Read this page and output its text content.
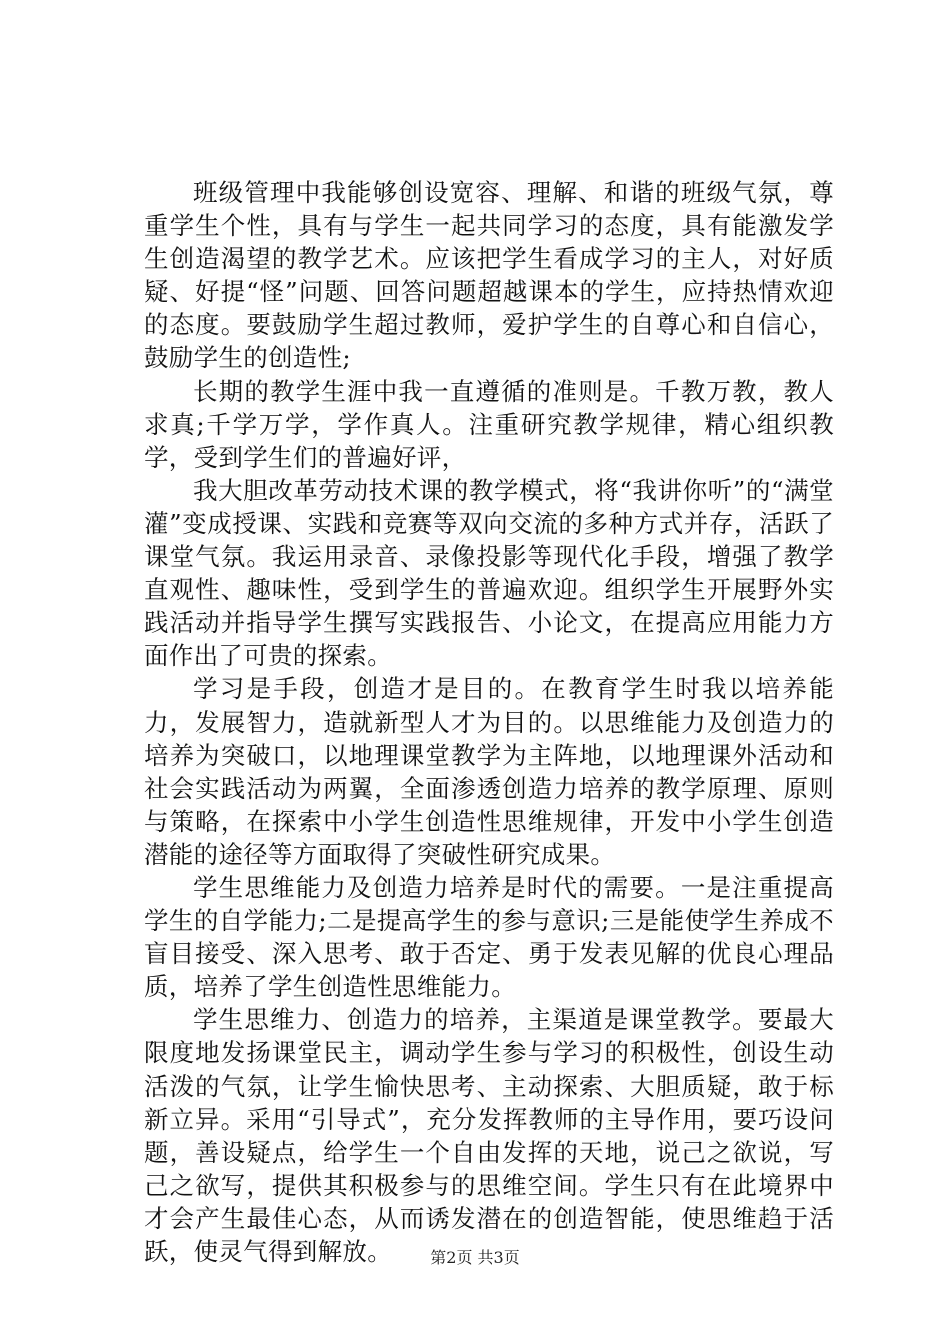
班级管理中我能够创设宽容、理解、和谐的班级气氛，尊重学生个性，具有与学生一起共同学习的态度，具有能激发学生创造渴望的教学艺术。应该把学生看成学习的主人，对好质疑、好提“怪”问题、回答问题超越课本的学生，应持热情欢迎的态度。要鼓励学生超过教师，爱护学生的自尊心和自信心，鼓励学生的创造性;

长期的教学生涯中我一直遵循的准则是。千教万教，教人求真;千学万学，学作真人。注重研究教学规律，精心组织教学，受到学生们的普遍好评，

我大胆改革劳动技术课的教学模式，将“我讲你听”的“满堂灌”变成授课、实践和竞赛等双向交流的多种方式并存，活跃了课堂气氛。我运用录音、录像投影等现代化手段，增强了教学直观性、趣味性，受到学生的普遍欢迎。组织学生开展野外实践活动并指导学生撰写实践报告、小论文，在提高应用能力方面作出了可贵的探索。

学习是手段，创造才是目的。在教育学生时我以培养能力，发展智力，造就新型人才为目的。以思维能力及创造力的培养为突破口，以地理课堂教学为主阵地，以地理课外活动和社会实践活动为两翼，全面渗透创造力培养的教学原理、原则与策略，在探索中小学生创造性思维规律，开发中小学生创造潜能的途径等方面取得了突破性研究成果。

学生思维能力及创造力培养是时代的需要。一是注重提高学生的自学能力;二是提高学生的参与意识;三是能使学生养成不盲目接受、深入思考、敢于否定、勇于发表见解的优良心理品质，培养了学生创造性思维能力。

学生思维力、创造力的培养，主渠道是课堂教学。要最大限度地发扬课堂民主，调动学生参与学习的积极性，创设生动活泼的气氛，让学生愉快思考、主动探索、大胆质疑，敢于标新立异。采用“引导式”，充分发挥教师的主导作用，要巧设问题，善设疑点，给学生一个自由发挥的天地，说己之欲说，写己之欲写，提供其积极参与的思维空间。学生只有在此境界中才会产生最佳心态，从而诱发潜在的创造智能，使思维趋于活跃，使灵气得到解放。	第2页 共3页
